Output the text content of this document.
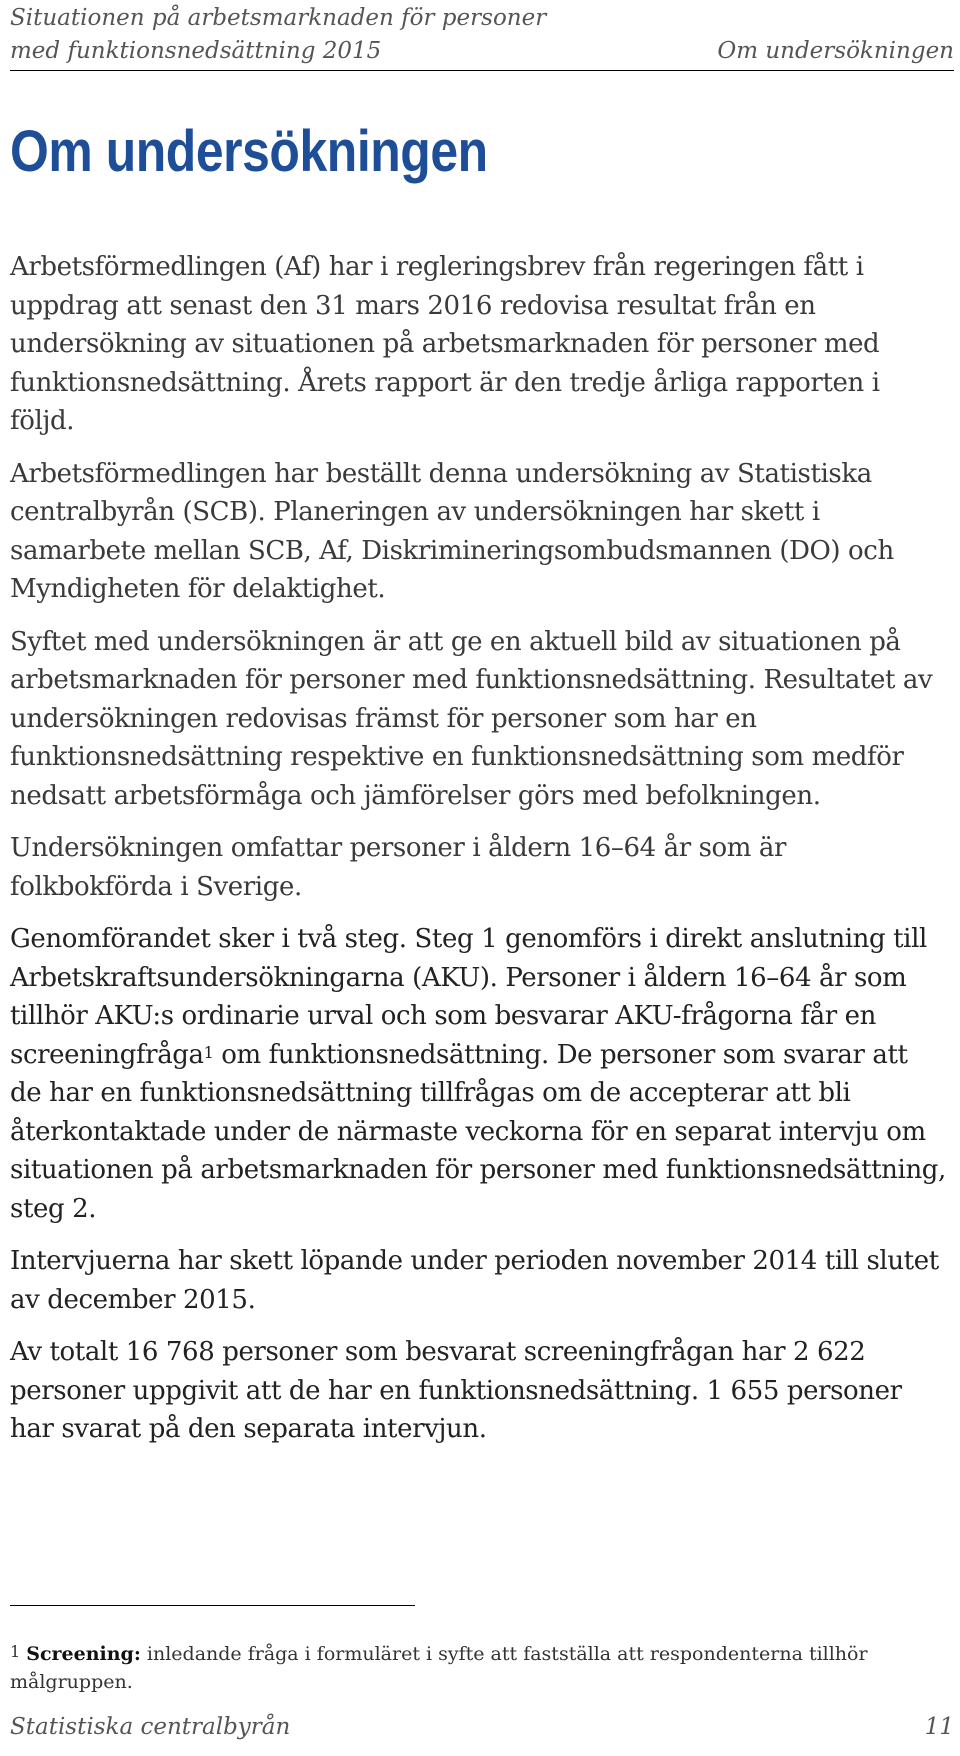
Situationen på arbetsmarknaden för personer
med funktionsnedsättning 2015	Om undersökningen
Om undersökningen

Arbetsförmedlingen (Af) har i regleringsbrev från regeringen fått i uppdrag att senast den 31 mars 2016 redovisa resultat från en undersökning av situationen på arbetsmarknaden för personer med funktionsnedsättning. Årets rapport är den tredje årliga rapporten i följd.

Arbetsförmedlingen har beställt denna undersökning av Statistiska centralbyrån (SCB). Planeringen av undersökningen har skett i samarbete mellan SCB, Af, Diskrimineringsombudsmannen (DO) och Myndigheten för delaktighet.

Syftet med undersökningen är att ge en aktuell bild av situationen på arbetsmarknaden för personer med funktionsnedsättning. Resultatet av undersökningen redovisas främst för personer som har en funktionsnedsättning respektive en funktionsnedsättning som medför nedsatt arbetsförmåga och jämförelser görs med befolkningen.

Undersökningen omfattar personer i åldern 16–64 år som är folkbokförda i Sverige.

Genomförandet sker i två steg. Steg 1 genomförs i direkt anslutning till Arbetskraftsundersökningarna (AKU). Personer i åldern 16–64 år som tillhör AKU:s ordinarie urval och som besvarar AKU-frågorna får en screeningfråga$^1$ om funktionsnedsättning. De personer som svarar att de har en funktionsnedsättning tillfrågas om de accepterar att bli återkontaktade under de närmaste veckorna för en separat intervju om situationen på arbetsmarknaden för personer med funktionsnedsättning, steg 2.

Intervjuerna har skett löpande under perioden november 2014 till slutet av december 2015.

Av totalt 16 768 personer som besvarat screeningfrågan har 2 622 personer uppgivit att de har en funktionsnedsättning. 1 655 personer har svarat på den separata intervjun.

$^1$ Screening: inledande fråga i formuläret i syfte att fastställa att respondenterna tillhör målgruppen.
Statistiska centralbyrån	11
